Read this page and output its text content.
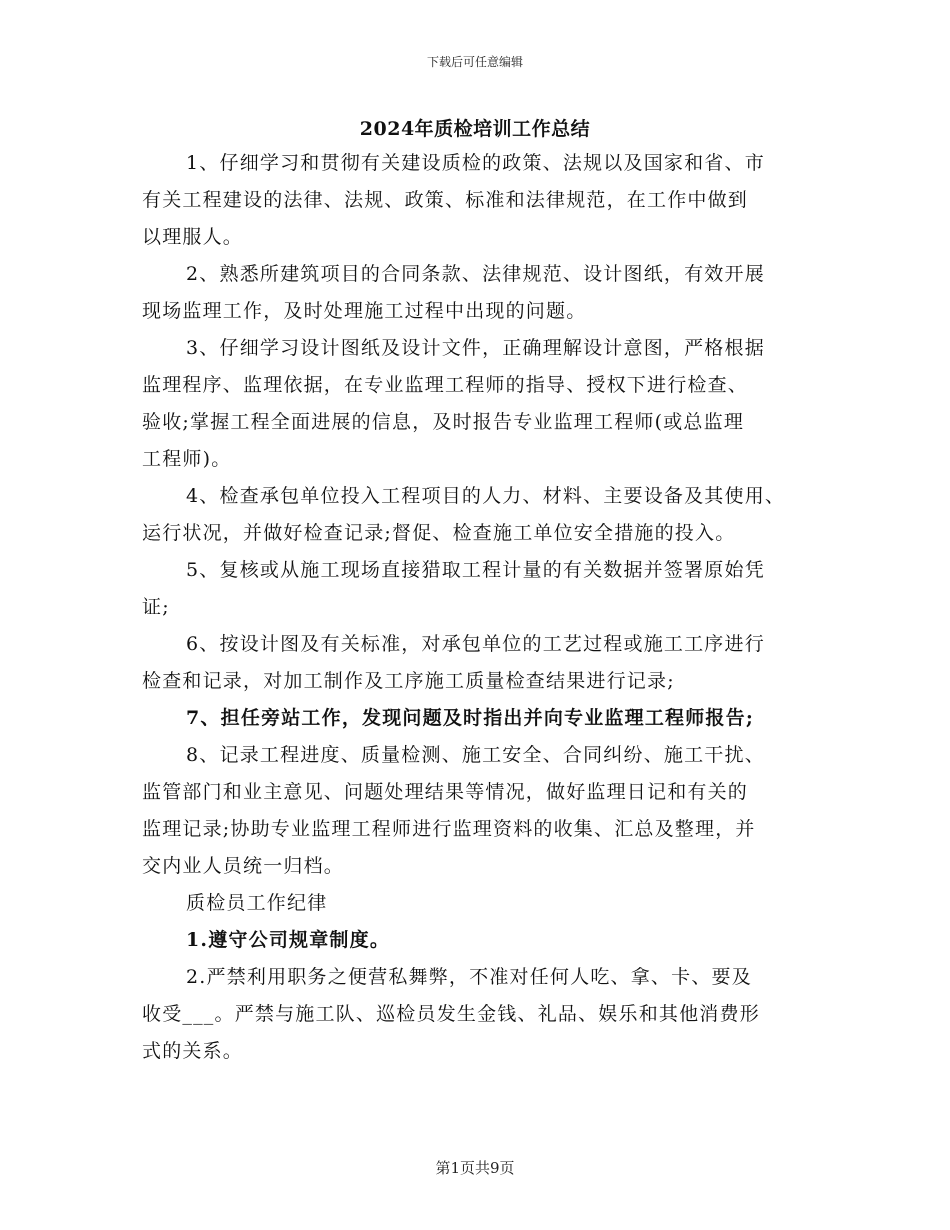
下载后可任意编辑
2024年质检培训工作总结
1、仔细学习和贯彻有关建设质检的政策、法规以及国家和省、市
有关工程建设的法律、法规、政策、标准和法律规范，在工作中做到
以理服人。
2、熟悉所建筑项目的合同条款、法律规范、设计图纸，有效开展
现场监理工作，及时处理施工过程中出现的问题。
3、仔细学习设计图纸及设计文件，正确理解设计意图，严格根据
监理程序、监理依据，在专业监理工程师的指导、授权下进行检查、
验收;掌握工程全面进展的信息，及时报告专业监理工程师(或总监理
工程师)。
4、检查承包单位投入工程项目的人力、材料、主要设备及其使用、
运行状况，并做好检查记录;督促、检查施工单位安全措施的投入。
5、复核或从施工现场直接猎取工程计量的有关数据并签署原始凭
证;
6、按设计图及有关标准，对承包单位的工艺过程或施工工序进行
检查和记录，对加工制作及工序施工质量检查结果进行记录;
7、担任旁站工作，发现问题及时指出并向专业监理工程师报告;
8、记录工程进度、质量检测、施工安全、合同纠纷、施工干扰、
监管部门和业主意见、问题处理结果等情况，做好监理日记和有关的
监理记录;协助专业监理工程师进行监理资料的收集、汇总及整理，并
交内业人员统一归档。
质检员工作纪律
1.遵守公司规章制度。
2.严禁利用职务之便营私舞弊，不准对任何人吃、拿、卡、要及
收受___。严禁与施工队、巡检员发生金钱、礼品、娱乐和其他消费形
式的关系。
第1页共9页
